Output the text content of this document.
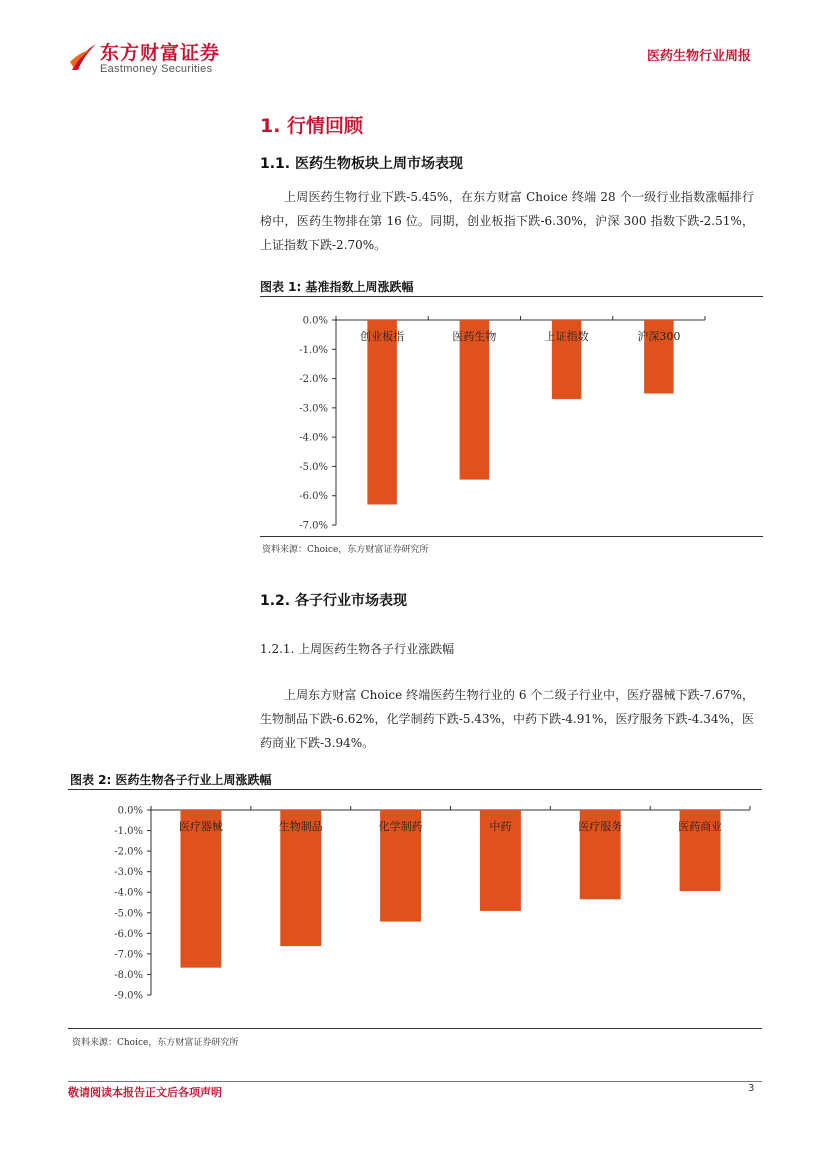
东方财富证券
Eastmoney Securities
医药生物行业周报
1. 行情回顾
1.1. 医药生物板块上周市场表现
上周医药生物行业下跌-5.45%，在东方财富 Choice 终端 28 个一级行业指数涨幅排行榜中，医药生物排在第 16 位。同期，创业板指下跌-6.30%，沪深 300 指数下跌-2.51%，上证指数下跌-2.70%。
图表 1: 基准指数上周涨跌幅
0.0%
-1.0%
-2.0%
-3.0%
-4.0%
-5.0%
-6.0%
-7.0%
创业板指	医药生物	上证指数	沪深300
资料来源：Choice，东方财富证券研究所
1.2. 各子行业市场表现
1.2.1. 上周医药生物各子行业涨跌幅
上周东方财富 Choice 终端医药生物行业的 6 个二级子行业中，医疗器械下跌-7.67%，生物制品下跌-6.62%，化学制药下跌-5.43%，中药下跌-4.91%，医疗服务下跌-4.34%，医药商业下跌-3.94%。
图表 2: 医药生物各子行业上周涨跌幅
0.0%
-1.0%
-2.0%
-3.0%
-4.0%
-5.0%
-6.0%
-7.0%
-8.0%
-9.0%
医疗器械	生物制品	化学制药	中药	医疗服务	医药商业
资料来源：Choice，东方财富证券研究所
敬请阅读本报告正文后各项声明	3
